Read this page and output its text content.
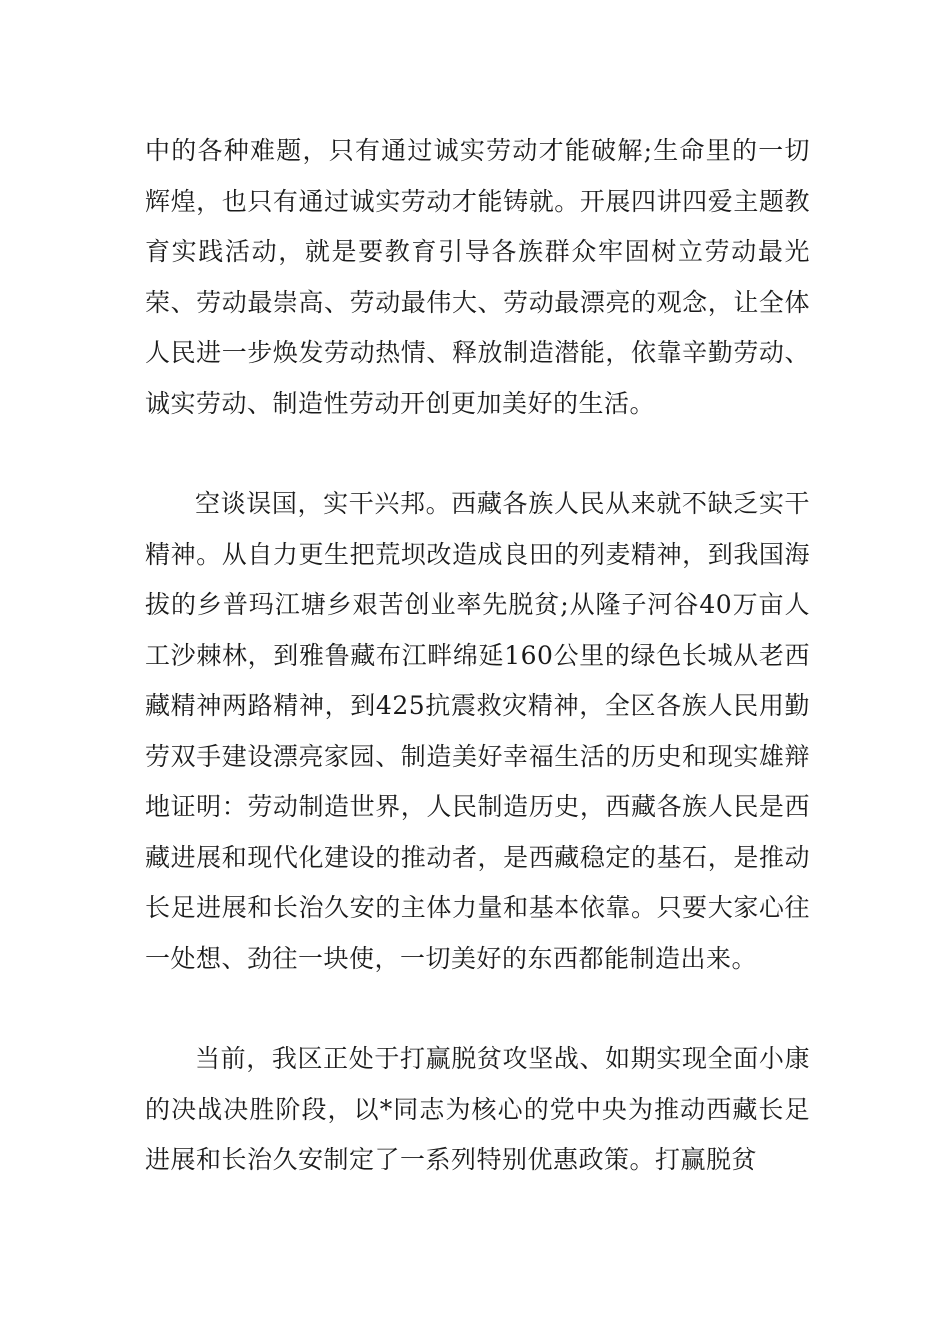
中的各种难题，只有通过诚实劳动才能破解;生命里的一切辉煌，也只有通过诚实劳动才能铸就。开展四讲四爱主题教育实践活动，就是要教育引导各族群众牢固树立劳动最光荣、劳动最崇高、劳动最伟大、劳动最漂亮的观念，让全体人民进一步焕发劳动热情、释放制造潜能，依靠辛勤劳动、诚实劳动、制造性劳动开创更加美好的生活。

空谈误国，实干兴邦。西藏各族人民从来就不缺乏实干精神。从自力更生把荒坝改造成良田的列麦精神，到我国海拔的乡普玛江塘乡艰苦创业率先脱贫;从隆子河谷40万亩人工沙棘林，到雅鲁藏布江畔绵延160公里的绿色长城从老西藏精神两路精神，到425抗震救灾精神，全区各族人民用勤劳双手建设漂亮家园、制造美好幸福生活的历史和现实雄辩地证明：劳动制造世界，人民制造历史，西藏各族人民是西藏进展和现代化建设的推动者，是西藏稳定的基石，是推动长足进展和长治久安的主体力量和基本依靠。只要大家心往一处想、劲往一块使，一切美好的东西都能制造出来。

当前，我区正处于打赢脱贫攻坚战、如期实现全面小康的决战决胜阶段，以*同志为核心的党中央为推动西藏长足进展和长治久安制定了一系列特别优惠政策。打赢脱贫
